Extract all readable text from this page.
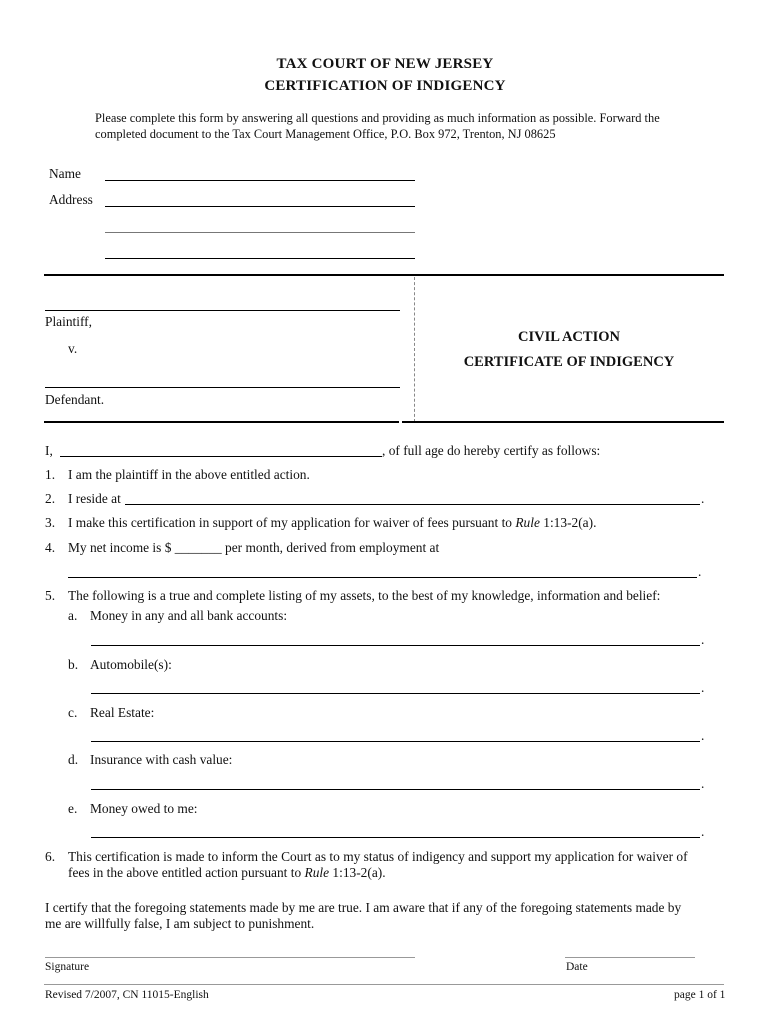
TAX COURT OF NEW JERSEY
CERTIFICATION OF INDIGENCY
Please complete this form by answering all questions and providing as much information as possible. Forward the
completed document to the Tax Court Management Office, P.O. Box 972, Trenton, NJ 08625
Name
Address
Plaintiff,
v.
Defendant.
CIVIL ACTION
CERTIFICATE OF INDIGENCY
I,	, of full age do hereby certify as follows:
1. I am the plaintiff in the above entitled action.
2. I reside at	.
3. I make this certification in support of my application for waiver of fees pursuant to Rule 1:13-2(a).
4. My net income is $ _______ per month, derived from employment at
.
5. The following is a true and complete listing of my assets, to the best of my knowledge, information and belief:
a. Money in any and all bank accounts:
.
b. Automobile(s):
.
c. Real Estate:
.
d. Insurance with cash value:
.
e. Money owed to me:
.
6. This certification is made to inform the Court as to my status of indigency and support my application for waiver of
fees in the above entitled action pursuant to Rule 1:13-2(a).
I certify that the foregoing statements made by me are true. I am aware that if any of the foregoing statements made by
me are willfully false, I am subject to punishment.
Signature	Date
Revised 7/2007, CN 11015-English	page 1 of 1
